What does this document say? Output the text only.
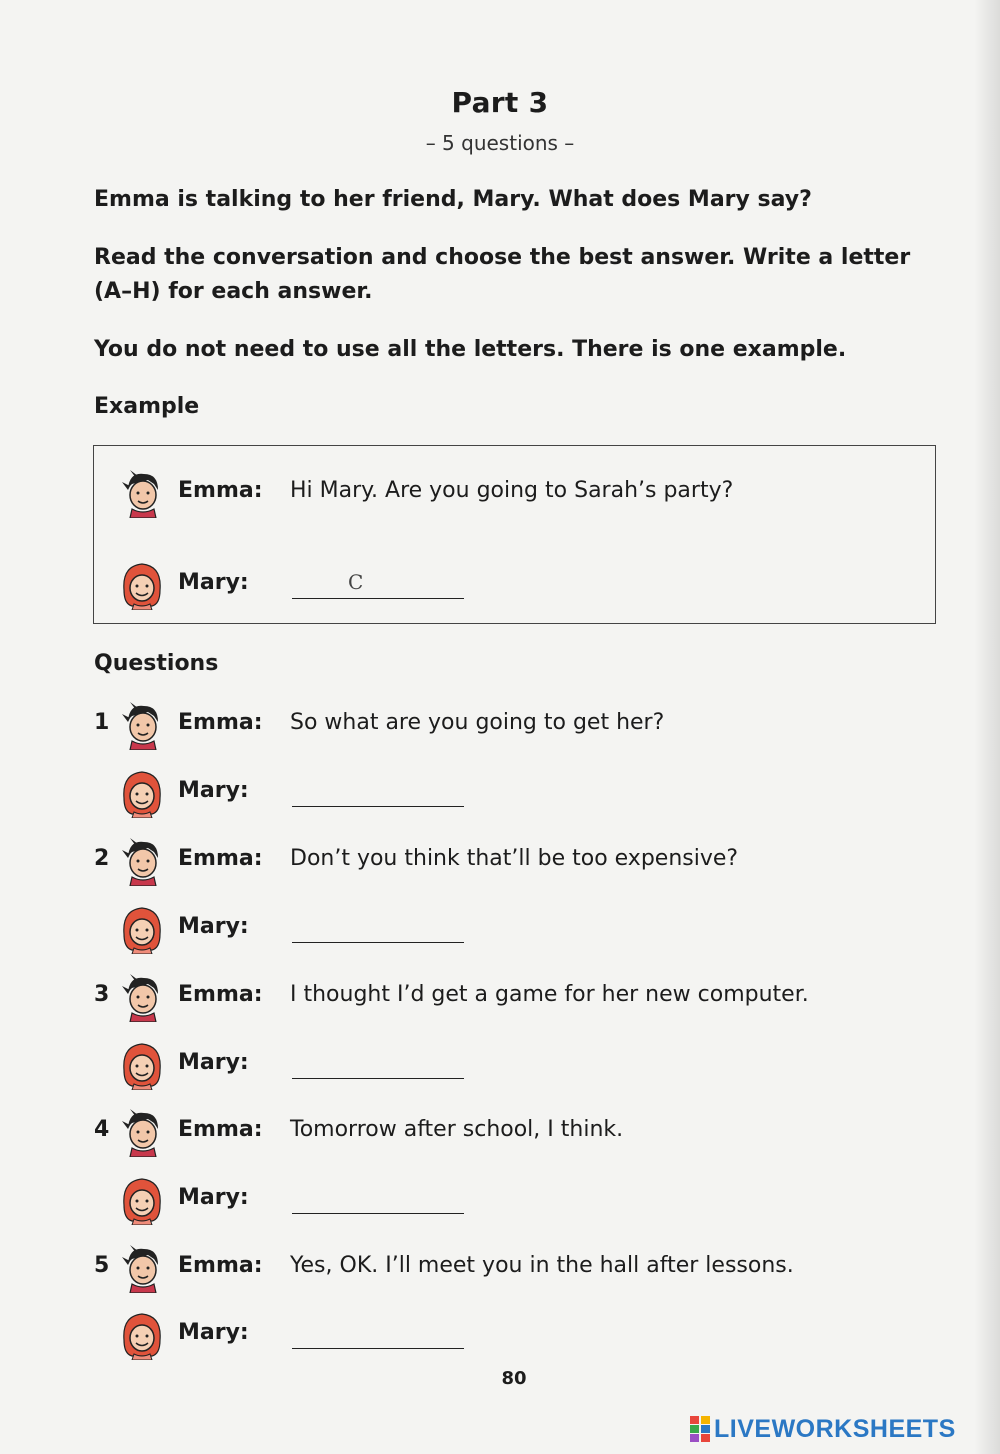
Part 3
– 5 questions –
Emma is talking to her friend, Mary. What does Mary say?
Read the conversation and choose the best answer. Write a letter (A–H) for each answer.
You do not need to use all the letters. There is one example.
Example
Emma: Hi Mary. Are you going to Sarah’s party?
Mary:	C
Questions
1	Emma: So what are you going to get her?
Mary:
2	Emma: Don’t you think that’ll be too expensive?
Mary:
3	Emma: I thought I’d get a game for her new computer.
Mary:
4	Emma: Tomorrow after school, I think.
Mary:
5	Emma: Yes, OK. I’ll meet you in the hall after lessons.
Mary:
80
LIVEWORKSHEETS
